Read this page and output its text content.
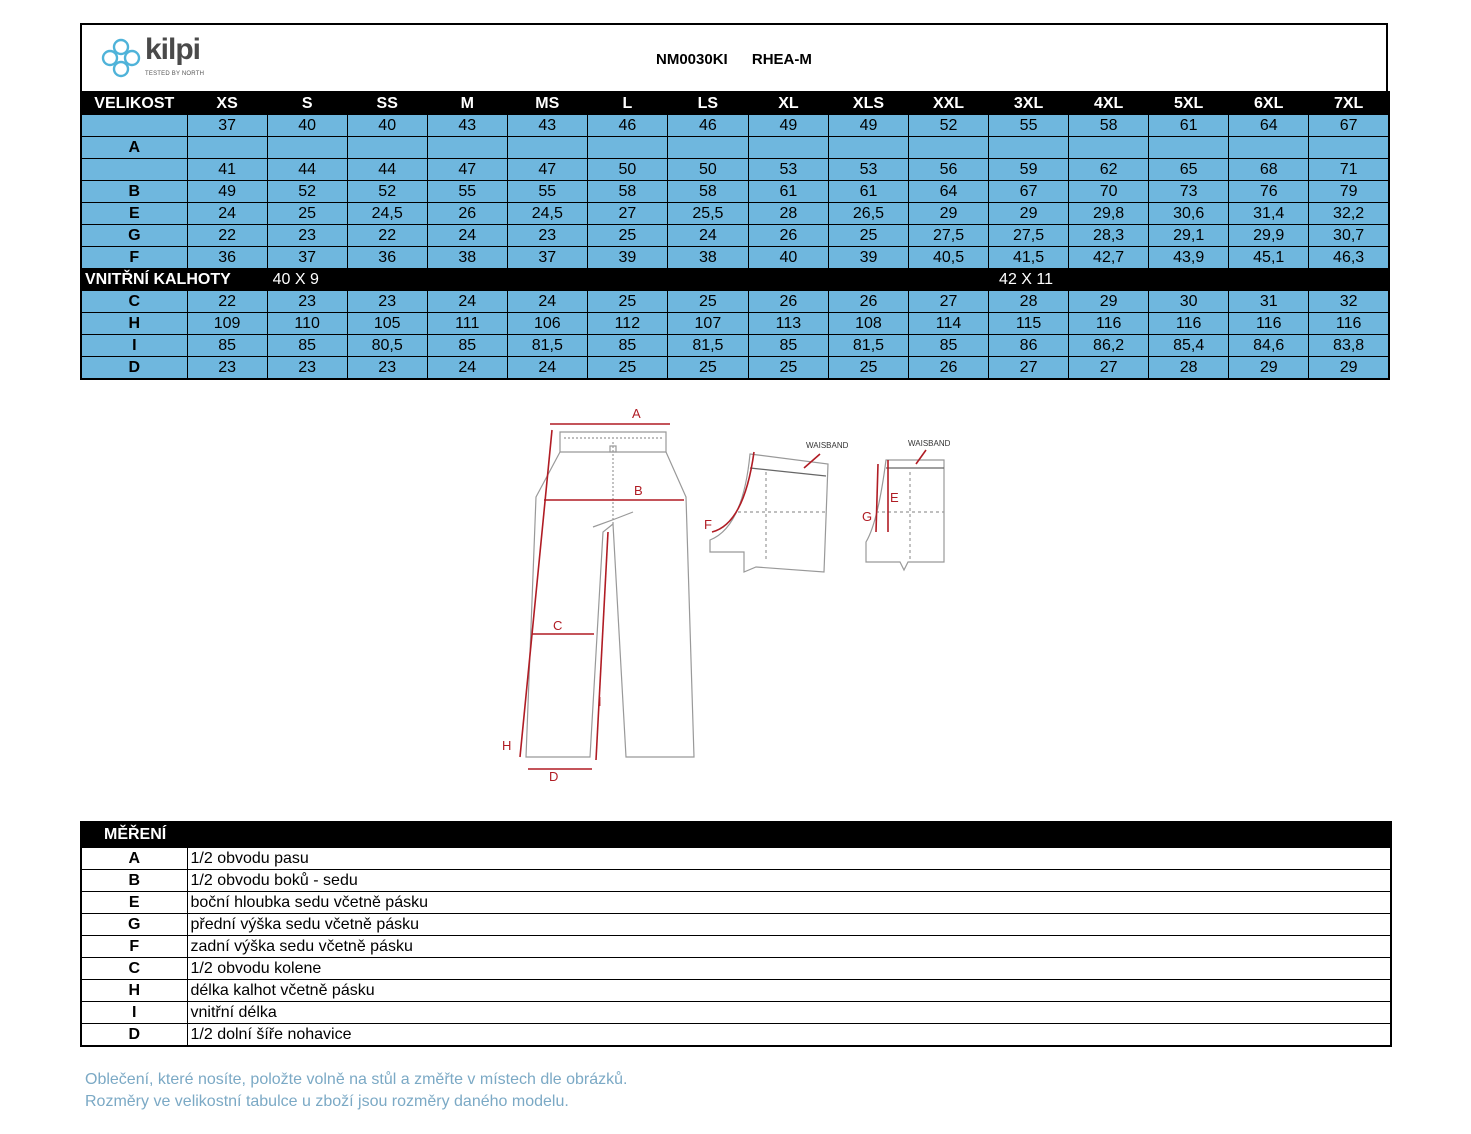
kilpi
TESTED BY NORTH
NM0030KI RHEA-M
VELIKOST	XS	S	SS	M	MS	L	LS	XL	XLS	XXL	3XL	4XL	5XL	6XL	7XL
	37	40	40	43	43	46	46	49	49	52	55	58	61	64	67
A															
	41	44	44	47	47	50	50	53	53	56	59	62	65	68	71
B	49	52	52	55	55	58	58	61	61	64	67	70	73	76	79
E	24	25	24,5	26	24,5	27	25,5	28	26,5	29	29	29,8	30,6	31,4	32,2
G	22	23	22	24	23	25	24	26	25	27,5	27,5	28,3	29,1	29,9	30,7
F	36	37	36	38	37	39	38	40	39	40,5	41,5	42,7	43,9	45,1	46,3
VNITŘNÍ KALHOTY		40 X 9									42 X 11				
C	22	23	23	24	24	25	25	26	26	27	28	29	30	31	32
H	109	110	105	111	106	112	107	113	108	114	115	116	116	116	116
I	85	85	80,5	85	81,5	85	81,5	85	81,5	85	86	86,2	85,4	84,6	83,8
D	23	23	23	24	24	25	25	25	25	26	27	27	28	29	29
A
B
C
H
I
D
F
WAISBAND
E
G
WAISBAND
MĚŘENÍ	
A	1/2 obvodu pasu
B	1/2 obvodu boků - sedu
E	boční hloubka sedu včetně pásku
G	přední výška sedu včetně pásku
F	zadní výška sedu včetně pásku
C	1/2 obvodu kolene
H	délka kalhot včetně pásku
I	vnitřní délka
D	1/2 dolní šíře nohavice
Oblečení, které nosíte, položte volně na stůl a změřte v místech dle obrázků.
Rozměry ve velikostní tabulce u zboží jsou rozměry daného modelu.
